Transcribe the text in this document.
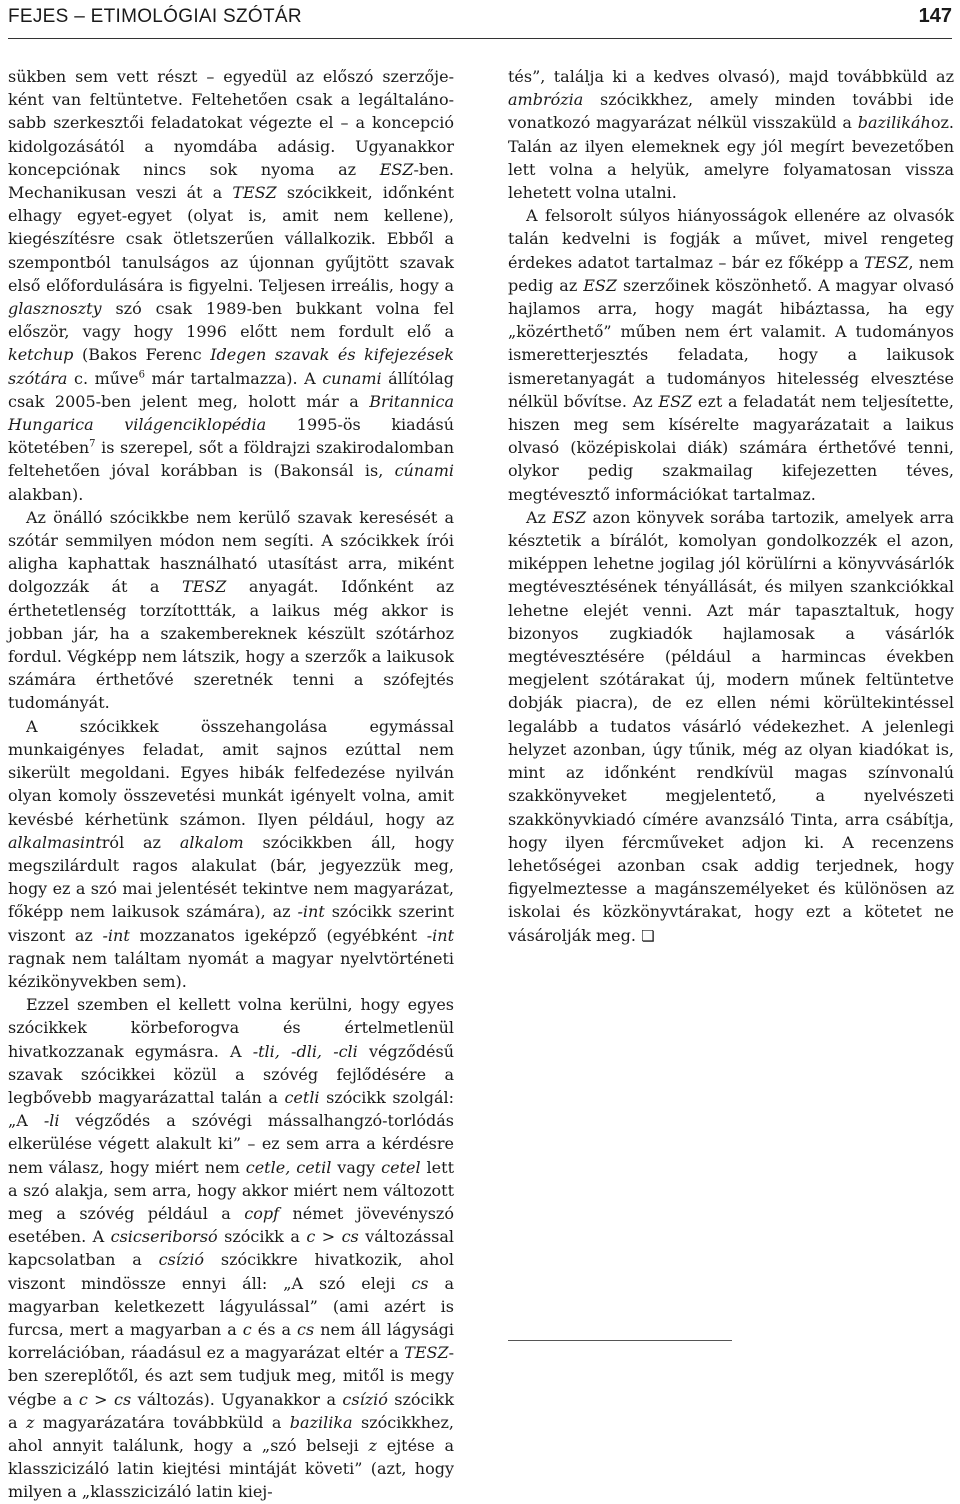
FEJES – ETIMOLÓGIAI SZÓTÁR	147

sükben sem vett részt – egyedül az előszó szerzője- ként van feltüntetve. Feltehetően csak a legáltaláno- sabb szerkesztői feladatokat végezte el – a koncepció kidolgozásától a nyomdába adásig. Ugyanakkor koncepciónak nincs sok nyoma az ESZ-ben. Mechanikusan veszi át a TESZ szócikkeit, időnként elhagy egyet-egyet (olyat is, amit nem kellene), kiegészítésre csak ötletszerűen vállalkozik. Ebből a szempontból tanulságos az újonnan gyűjtött szavak első előfordulására is figyelni. Teljesen irreális, hogy a glasznoszty szó csak 1989-ben bukkant volna fel először, vagy hogy 1996 előtt nem fordult elő a ketchup (Bakos Ferenc Idegen szavak és kifejezések szótára c. műve$^6$ már tartalmazza). A cunami állítólag csak 2005-ben jelent meg, holott már a Britannica Hungarica világenciklopédia 1995-ös kiadású kötetében$^7$ is szerepel, sőt a földrajzi szakirodalomban feltehetően jóval korábban is (Bakonsál is, cúnami alakban).

Az önálló szócikkbe nem kerülő szavak keresését a szótár semmilyen módon nem segíti. A szócikkek írói aligha kaphattak használható utasítást arra, miként dolgozzák át a TESZ anyagát. Időnként az érthetetlenség torzítottták, a laikus még akkor is jobban jár, ha a szakembereknek készült szótárhoz fordul. Végképp nem látszik, hogy a szerzők a laikusok számára érthetővé szeretnék tenni a szófejtés tudományát.

A szócikkek összehangolása egymással munkaigényes feladat, amit sajnos ezúttal nem sikerült megoldani. Egyes hibák felfedezése nyilván olyan komoly összevetési munkát igényelt volna, amit kevésbé kérhetünk számon. Ilyen például, hogy az alkalmasintról az alkalom szócikkben áll, hogy megszilárdult ragos alakulat (bár, jegyezzük meg, hogy ez a szó mai jelentését tekintve nem magyarázat, főképp nem laikusok számára), az -int szócikk szerint viszont az -int mozzanatos igeképző (egyébként -int ragnak nem találtam nyomát a magyar nyelvtörténeti kézikönyvekben sem).

Ezzel szemben el kellett volna kerülni, hogy egyes szócikkek körbeforogva és értelmetlenül hivatkozzanak egymásra. A -tli, -dli, -cli végződésű szavak szócikkei közül a szóvég fejlődésére a legbővebb magyarázattal talán a cetli szócikk szolgál: „A -li végződés a szóvégi mássalhangzó-torlódás elkerülése végett alakult ki” – ez sem arra a kérdésre nem válasz, hogy miért nem cetle, cetil vagy cetel lett a szó alakja, sem arra, hogy akkor miért nem változott meg a szóvég például a copf német jövevényszó esetében. A csicseriborsó szócikk a c > cs változással kapcsolatban a csízió szócikkre hivatkozik, ahol viszont mindössze ennyi áll: „A szó eleji cs a magyarban keletkezett lágyulással” (ami azért is furcsa, mert a magyarban a c és a cs nem áll lágysági korrelációban, ráadásul ez a magyarázat eltér a TESZ-ben szereplőtől, és azt sem tudjuk meg, mitől is megy végbe a c > cs változás). Ugyanakkor a csízió szócikk a z magyarázatára továbbküld a bazilika szócikkhez, ahol annyit találunk, hogy a „szó belseji z ejtése a klasszicizáló latin kiejtési mintáját követi” (azt, hogy milyen a „klasszicizáló latin kiej-

tés”, találja ki a kedves olvasó), majd továbbküld az ambrózia szócikkhez, amely minden további ide vonatkozó magyarázat nélkül visszaküld a bazilikához. Talán az ilyen elemeknek egy jól megírt bevezetőben lett volna a helyük, amelyre folyamatosan vissza lehetett volna utalni.

A felsorolt súlyos hiányosságok ellenére az olvasók talán kedvelni is fogják a művet, mivel rengeteg érdekes adatot tartalmaz – bár ez főképp a TESZ, nem pedig az ESZ szerzőinek köszönhető. A magyar olvasó hajlamos arra, hogy magát hibáztassa, ha egy „közérthető” műben nem ért valamit. A tudományos ismeretterjesztés feladata, hogy a laikusok ismeretanyagát a tudományos hitelesség elvesztése nélkül bővítse. Az ESZ ezt a feladatát nem teljesítette, hiszen meg sem kísérelte magyarázatait a laikus olvasó (középiskolai diák) számára érthetővé tenni, olykor pedig szakmailag kifejezetten téves, megtévesztő információkat tartalmaz.

Az ESZ azon könyvek sorába tartozik, amelyek arra késztetik a bírálót, komolyan gondolkozzék el azon, miképpen lehetne jogilag jól körülírni a könyvvásárlók megtévesztésének tényállását, és milyen szankciókkal lehetne elejét venni. Azt már tapasztaltuk, hogy bizonyos zugkiadók hajlamosak a vásárlók megtévesztésére (például a harmincas években megjelent szótárakat új, modern műnek feltüntetve dobják piacra), de ez ellen némi körültekintéssel legalább a tudatos vásárló védekezhet. A jelenlegi helyzet azonban, úgy tűnik, még az olyan kiadókat is, mint az időnként rendkívül magas színvonalú szakkönyveket megjelentető, a nyelvészeti szakkönyvkiadó címére avanzsáló Tinta, arra csábítja, hogy ilyen fércműveket adjon ki. A recenzens lehetőségei azonban csak addig terjednek, hogy figyelmeztesse a magánszemélyeket és különösen az iskolai és közkönyvtárakat, hogy ezt a kötetet ne vásárolják meg. ❏
